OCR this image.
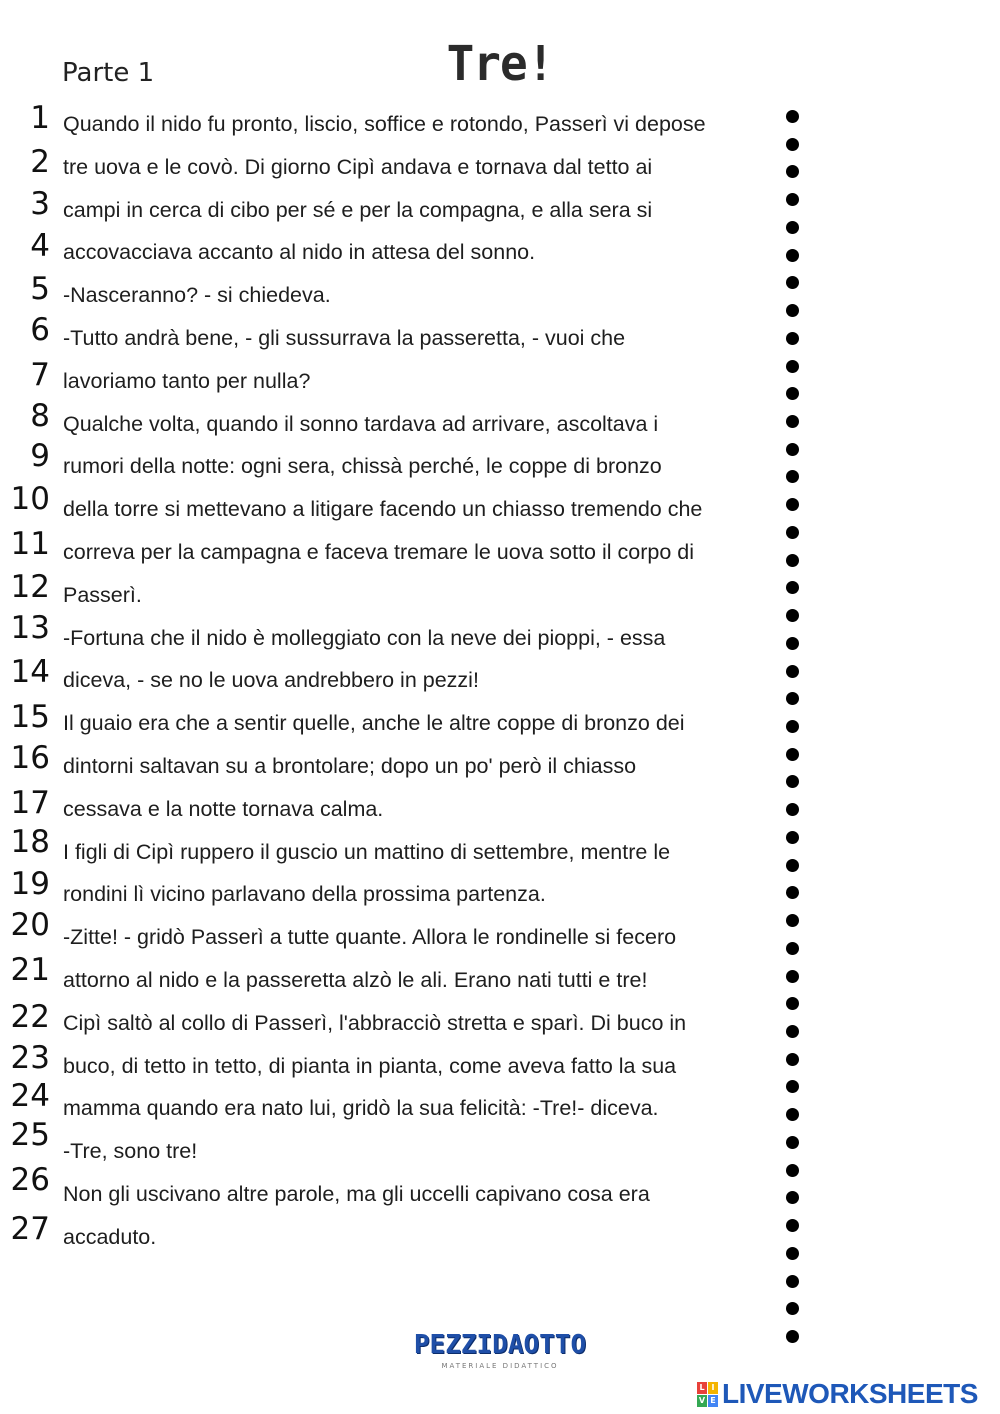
Parte 1	Tre!
1
2
3
4
5
6
7
8
9
10
11
12
13
14
15
16
17
18
19
20
21
22
23
24
25
26
27
Quando il nido fu pronto, liscio, soffice e rotondo, Passerì vi depose
tre uova e le covò. Di giorno Cipì andava e tornava dal tetto ai
campi in cerca di cibo per sé e per la compagna, e alla sera si
accovacciava accanto al nido in attesa del sonno.
-Nasceranno? - si chiedeva.
-Tutto andrà bene, - gli sussurrava la passeretta, - vuoi che
lavoriamo tanto per nulla?
Qualche volta, quando il sonno tardava ad arrivare, ascoltava i
rumori della notte: ogni sera, chissà perché, le coppe di bronzo
della torre si mettevano a litigare facendo un chiasso tremendo che
correva per la campagna e faceva tremare le uova sotto il corpo di
Passerì.
-Fortuna che il nido è molleggiato con la neve dei pioppi, - essa
diceva, - se no le uova andrebbero in pezzi!
Il guaio era che a sentir quelle, anche le altre coppe di bronzo dei
dintorni saltavan su a brontolare; dopo un po' però il chiasso
cessava e la notte tornava calma.
I figli di Cipì ruppero il guscio un mattino di settembre, mentre le
rondini lì vicino parlavano della prossima partenza.
-Zitte! - gridò Passerì a tutte quante. Allora le rondinelle si fecero
attorno al nido e la passeretta alzò le ali. Erano nati tutti e tre!
Cipì saltò al collo di Passerì, l'abbracciò stretta e sparì. Di buco in
buco, di tetto in tetto, di pianta in pianta, come aveva fatto la sua
mamma quando era nato lui, gridò la sua felicità: -Tre!- diceva.
-Tre, sono tre!
Non gli uscivano altre parole, ma gli uccelli capivano cosa era
accaduto.
PEZZIDAOTTO
MATERIALE DIDATTICO
L I
V E LIVEWORKSHEETS
